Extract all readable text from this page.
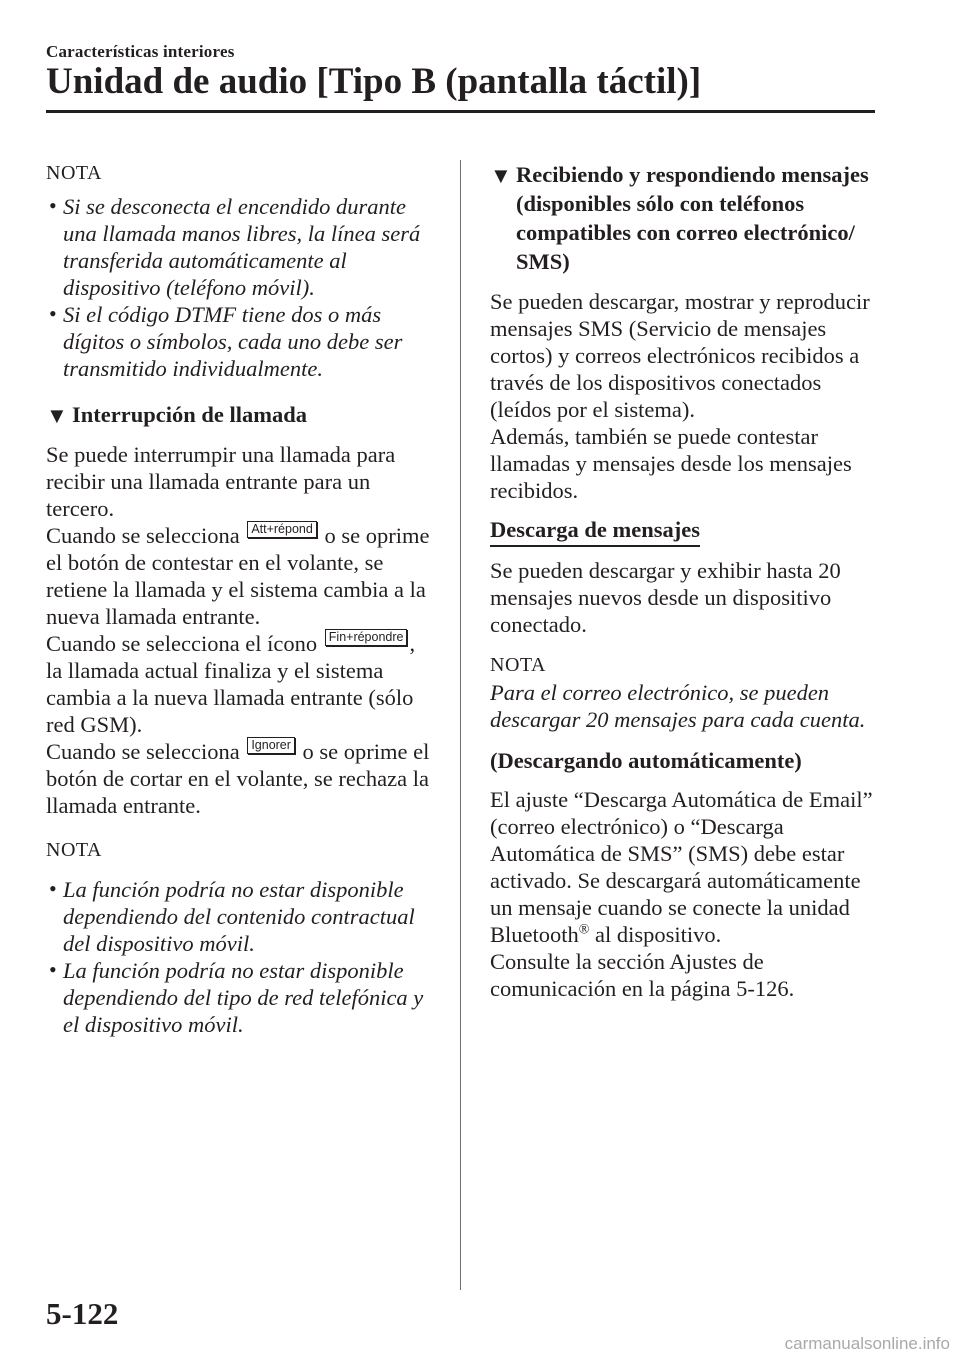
Características interiores
Unidad de audio [Tipo B (pantalla táctil)]
NOTA
• Si se desconecta el encendido durante una llamada manos libres, la línea será transferida automáticamente al dispositivo (teléfono móvil).

• Si el código DTMF tiene dos o más dígitos o símbolos, cada uno debe ser transmitido individualmente.

▼ Interrupción de llamada

Se puede interrumpir una llamada para recibir una llamada entrante para un tercero.

Cuando se selecciona Att+répond o se oprime el botón de contestar en el volante, se retiene la llamada y el sistema cambia a la nueva llamada entrante.

Cuando se selecciona el ícono Fin+répondre , la llamada actual finaliza y el sistema cambia a la nueva llamada entrante (sólo red GSM).

Cuando se selecciona Ignorer o se oprime el botón de cortar en el volante, se rechaza la llamada entrante.

NOTA
• La función podría no estar disponible dependiendo del contenido contractual del dispositivo móvil.

• La función podría no estar disponible dependiendo del tipo de red telefónica y el dispositivo móvil.

▼ Recibiendo y respondiendo mensajes (disponibles sólo con teléfonos compatibles con correo electrónico/ SMS)

Se pueden descargar, mostrar y reproducir mensajes SMS (Servicio de mensajes cortos) y correos electrónicos recibidos a través de los dispositivos conectados (leídos por el sistema).

Además, también se puede contestar llamadas y mensajes desde los mensajes recibidos.

Descarga de mensajes

Se pueden descargar y exhibir hasta 20 mensajes nuevos desde un dispositivo conectado.

NOTA

Para el correo electrónico, se pueden descargar 20 mensajes para cada cuenta.

(Descargando automáticamente)

El ajuste “Descarga Automática de Email” (correo electrónico) o “Descarga Automática de SMS” (SMS) debe estar activado. Se descargará automáticamente un mensaje cuando se conecte la unidad Bluetooth® al dispositivo.

Consulte la sección Ajustes de comunicación en la página 5-126.

5-122
carmanualsonline.info
